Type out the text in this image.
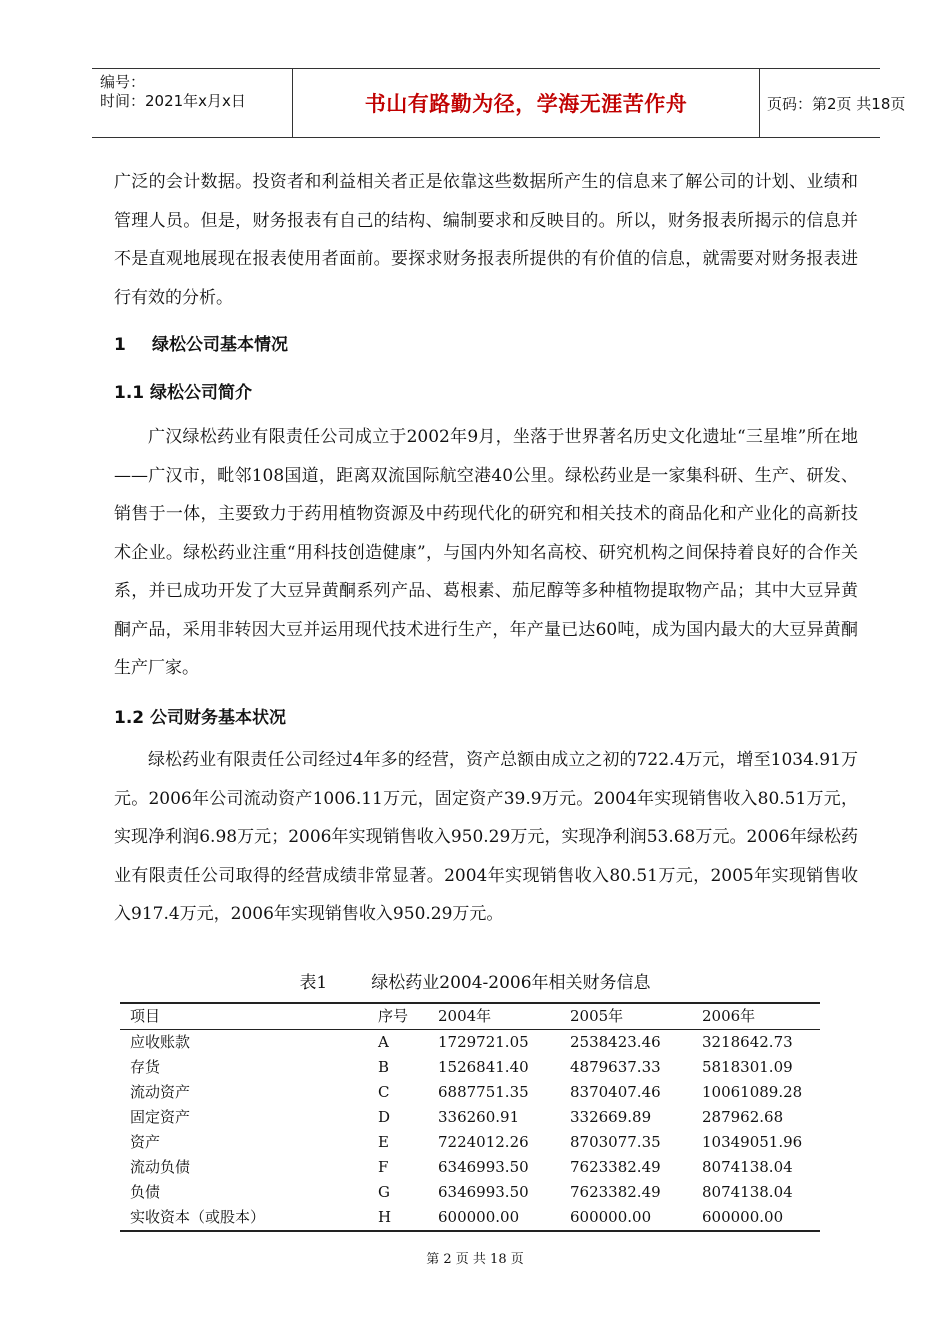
编号：
时间：2021年x月x日	书山有路勤为径，学海无涯苦作舟	页码：第2页 共18页

广泛的会计数据。投资者和利益相关者正是依靠这些数据所产生的信息来了解公司的计划、业绩和管理人员。但是，财务报表有自己的结构、编制要求和反映目的。所以，财务报表所揭示的信息并不是直观地展现在报表使用者面前。要探求财务报表所提供的有价值的信息，就需要对财务报表进行有效的分析。

1 绿松公司基本情况
1.1 绿松公司简介

广汉绿松药业有限责任公司成立于2002年9月，坐落于世界著名历史文化遗址“三星堆”所在地——广汉市，毗邻108国道，距离双流国际航空港40公里。绿松药业是一家集科研、生产、研发、销售于一体，主要致力于药用植物资源及中药现代化的研究和相关技术的商品化和产业化的高新技术企业。绿松药业注重“用科技创造健康”，与国内外知名高校、研究机构之间保持着良好的合作关系，并已成功开发了大豆异黄酮系列产品、葛根素、茄尼醇等多种植物提取物产品；其中大豆异黄酮产品，采用非转因大豆并运用现代技术进行生产，年产量已达60吨，成为国内最大的大豆异黄酮生产厂家。

1.2 公司财务基本状况

绿松药业有限责任公司经过4年多的经营，资产总额由成立之初的722.4万元，增至1034.91万元。2006年公司流动资产1006.11万元，固定资产39.9万元。2004年实现销售收入80.51万元，实现净利润6.98万元；2006年实现销售收入950.29万元，实现净利润53.68万元。2006年绿松药业有限责任公司取得的经营成绩非常显著。2004年实现销售收入80.51万元，2005年实现销售收入917.4万元，2006年实现销售收入950.29万元。

表1	绿松药业2004-2006年相关财务信息
项目	序号	2004年	2005年	2006年
应收账款	A	1729721.05	2538423.46	3218642.73
存货	B	1526841.40	4879637.33	5818301.09
流动资产	C	6887751.35	8370407.46	10061089.28
固定资产	D	336260.91	332669.89	287962.68
资产	E	7224012.26	8703077.35	10349051.96
流动负债	F	6346993.50	7623382.49	8074138.04
负债	G	6346993.50	7623382.49	8074138.04
实收资本（或股本）	H	600000.00	600000.00	600000.00
第 2 页 共 18 页
